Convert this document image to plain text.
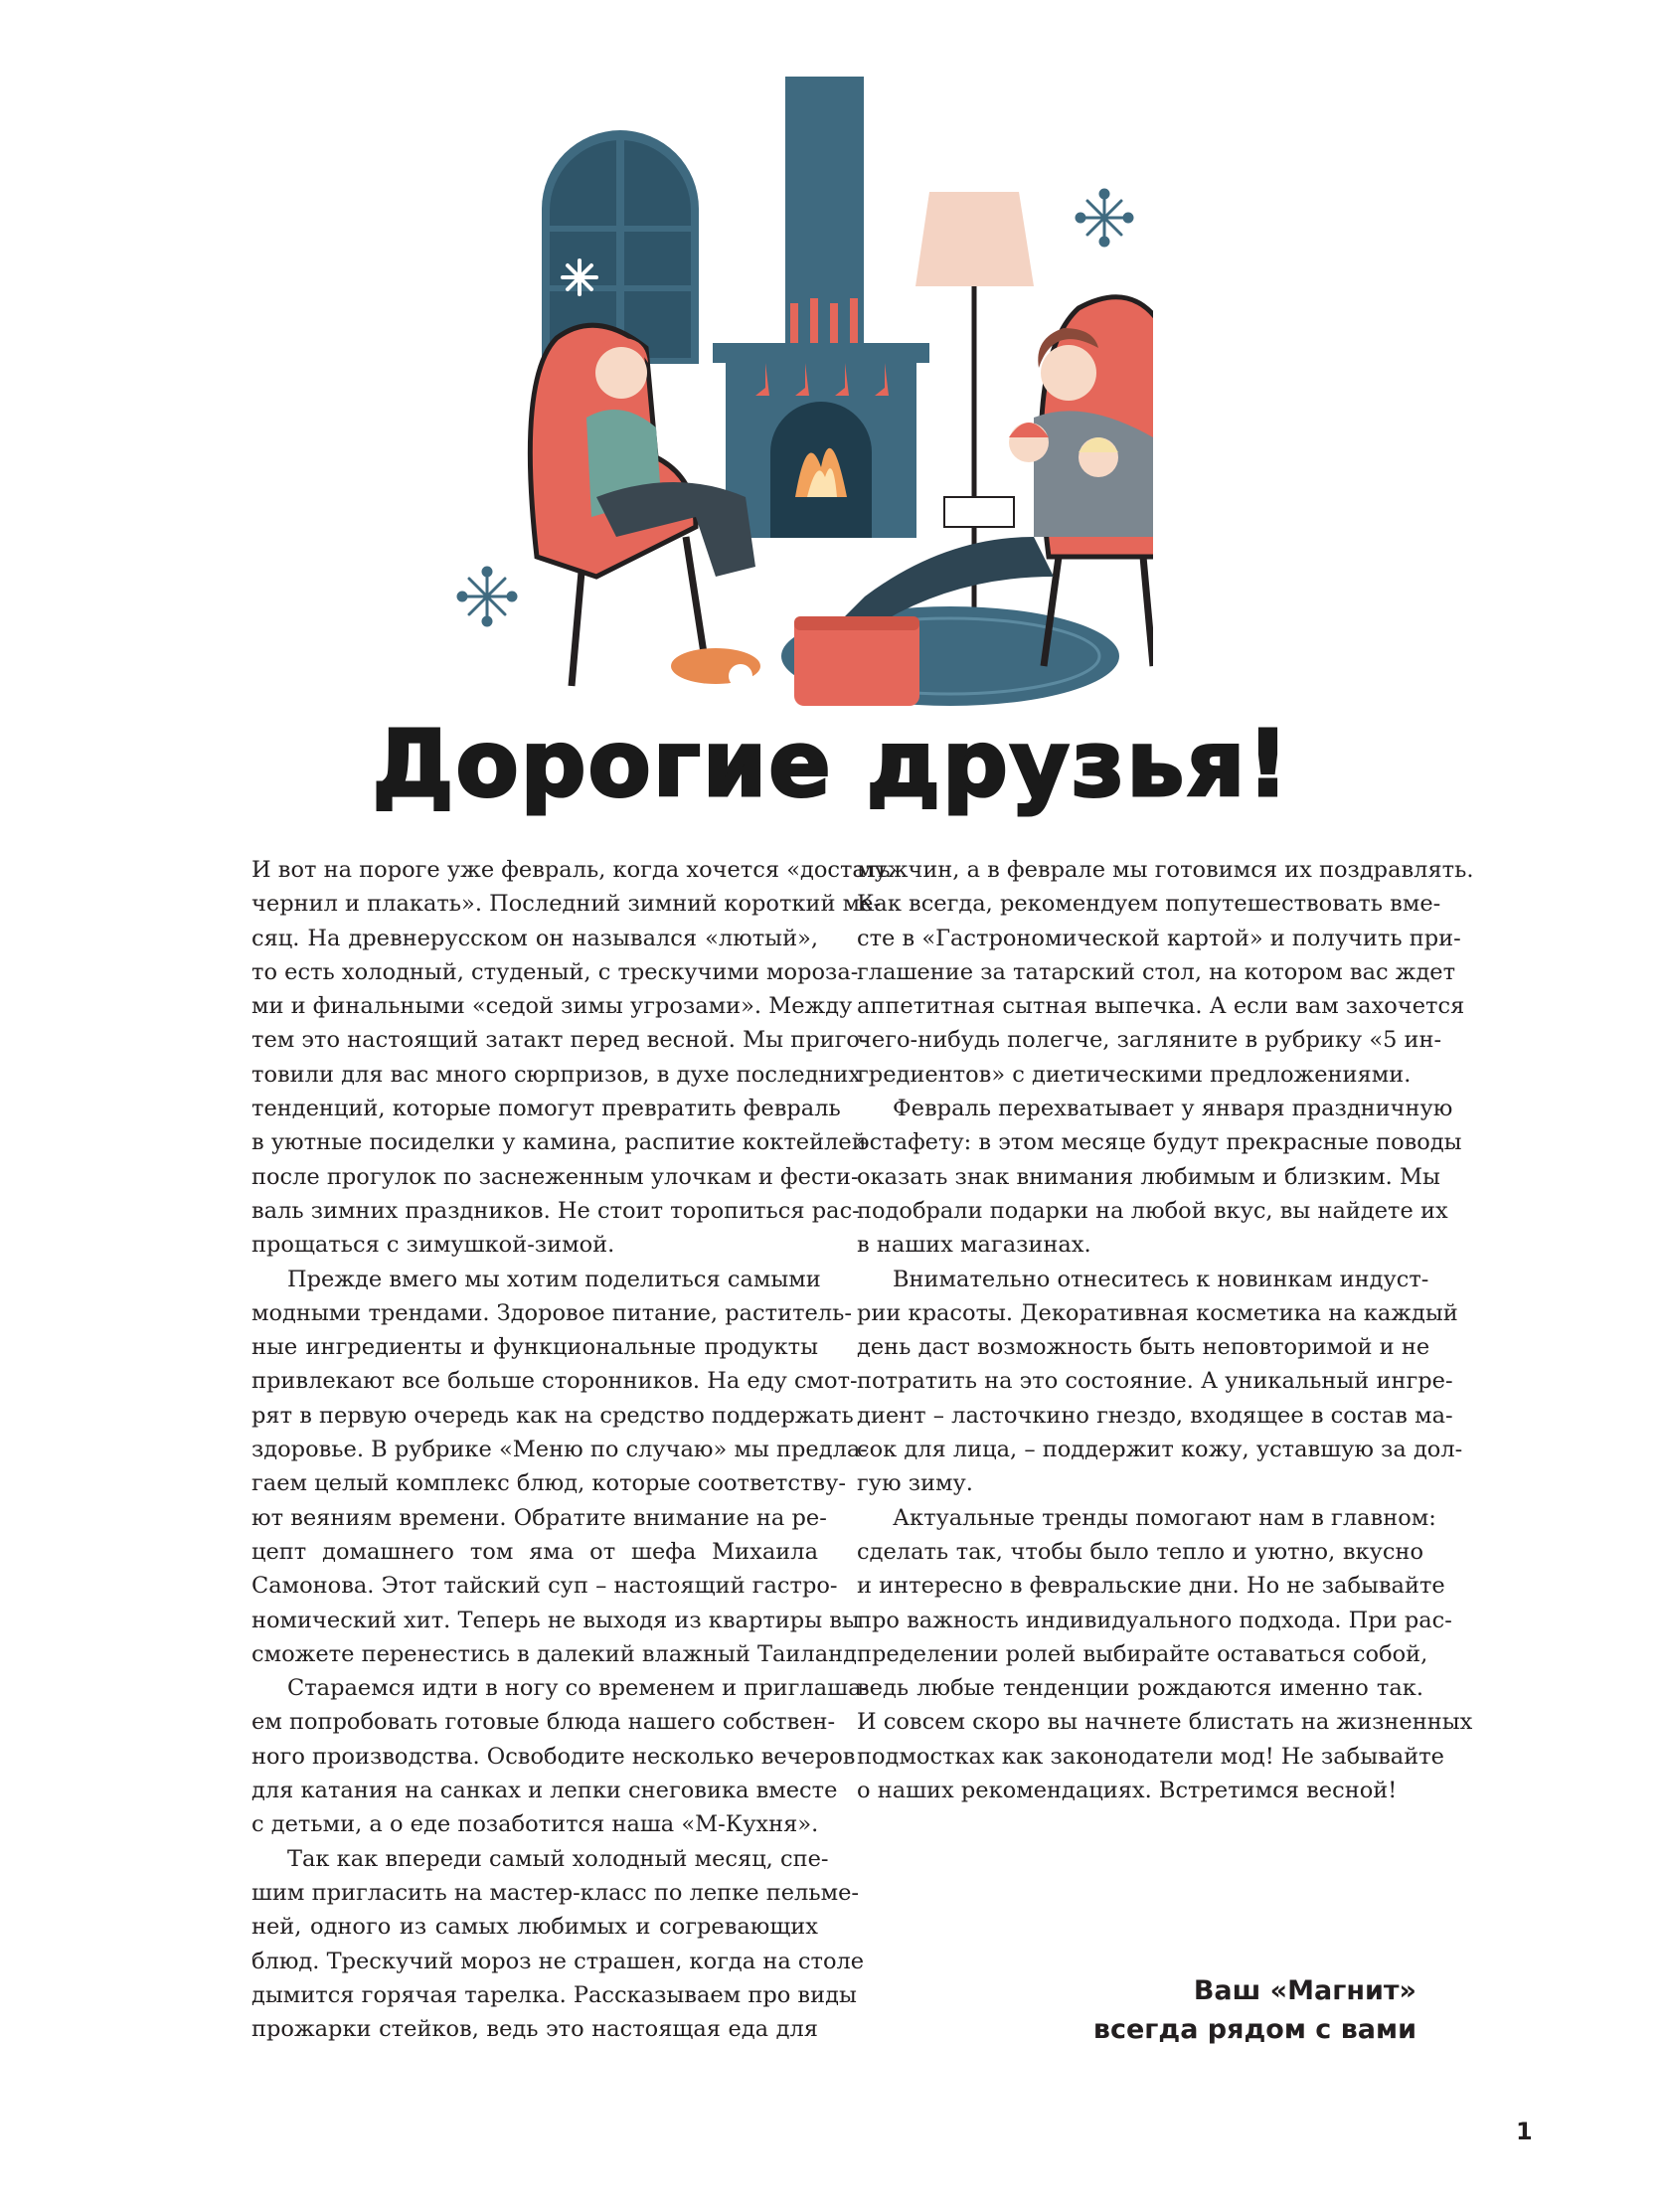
Дорогие друзья!
И вот на пороге уже февраль, когда хочется «достать
чернил и плакать». Последний зимний короткий ме-
сяц. На древнерусском он назывался «лютый»,
то есть холодный, студеный, с трескучими мороза-
ми и финальными «седой зимы угрозами». Между
тем это настоящий затакт перед весной. Мы приго-
товили для вас много сюрпризов, в духе последних
тенденций, которые помогут превратить февраль
в уютные посиделки у камина, распитие коктейлей
после прогулок по заснеженным улочкам и фести-
валь зимних праздников. Не стоит торопиться рас-
прощаться с зимушкой-зимой.
Прежде вмего мы хотим поделиться самыми
модными трендами. Здоровое питание, раститель-
ные ингредиенты и функциональные продукты
привлекают все больше сторонников. На еду смот-
рят в первую очередь как на средство поддержать
здоровье. В рубрике «Меню по случаю» мы предла-
гаем целый комплекс блюд, которые соответству-
ют веяниям времени. Обратите внимание на ре-
цепт домашнего том яма от шефа Михаила
Самонова. Этот тайский суп – настоящий гастро-
номический хит. Теперь не выходя из квартиры вы
сможете перенестись в далекий влажный Таиланд.
Стараемся идти в ногу со временем и приглаша-
ем попробовать готовые блюда нашего собствен-
ного производства. Освободите несколько вечеров
для катания на санках и лепки снеговика вместе
с детьми, а о еде позаботится наша «М-Кухня».
Так как впереди самый холодный месяц, спе-
шим пригласить на мастер-класс по лепке пельме-
ней, одного из самых любимых и согревающих
блюд. Трескучий мороз не страшен, когда на столе
дымится горячая тарелка. Рассказываем про виды
прожарки стейков, ведь это настоящая еда для
мужчин, а в феврале мы готовимся их поздравлять.
Как всегда, рекомендуем попутешествовать вме-
сте в «Гастрономической картой» и получить при-
глашение за татарский стол, на котором вас ждет
аппетитная сытная выпечка. А если вам захочется
чего-нибудь полегче, загляните в рубрику «5 ин-
гредиентов» с диетическими предложениями.
Февраль перехватывает у января праздничную
эстафету: в этом месяце будут прекрасные поводы
оказать знак внимания любимым и близким. Мы
подобрали подарки на любой вкус, вы найдете их
в наших магазинах.
Внимательно отнеситесь к новинкам индуст-
рии красоты. Декоративная косметика на каждый
день даст возможность быть неповторимой и не
потратить на это состояние. А уникальный ингре-
диент – ласточкино гнездо, входящее в состав ма-
сок для лица, – поддержит кожу, уставшую за дол-
гую зиму.
Актуальные тренды помогают нам в главном:
сделать так, чтобы было тепло и уютно, вкусно
и интересно в февральские дни. Но не забывайте
про важность индивидуального подхода. При рас-
пределении ролей выбирайте оставаться собой,
ведь любые тенденции рождаются именно так.
И совсем скоро вы начнете блистать на жизненных
подмостках как законодатели мод! Не забывайте
о наших рекомендациях. Встретимся весной!
Ваш «Магнит»
всегда рядом с вами
1
